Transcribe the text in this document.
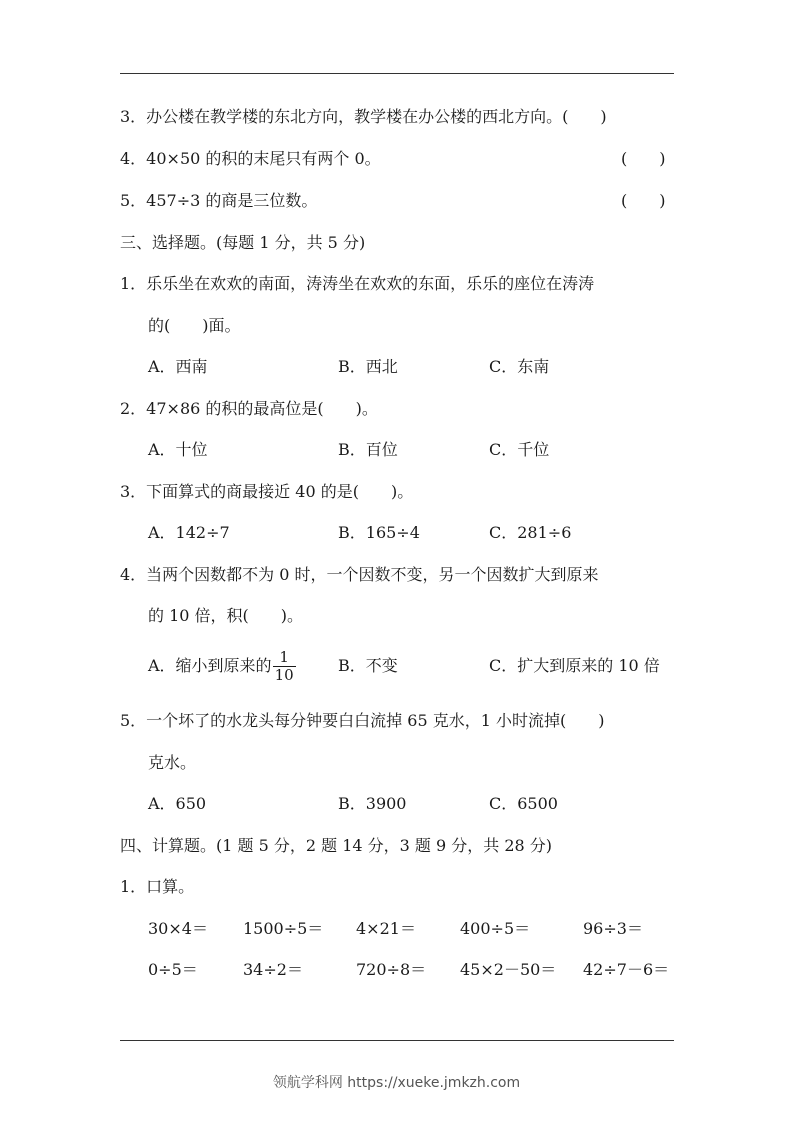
3．办公楼在教学楼的东北方向，教学楼在办公楼的西北方向。(　　)
4．40×50 的积的末尾只有两个 0。	(　　)
5．457÷3 的商是三位数。	(　　)
三、选择题。(每题 1 分，共 5 分)
1．乐乐坐在欢欢的南面，涛涛坐在欢欢的东面，乐乐的座位在涛涛
的(　　)面。
A．西南	B．西北	C．东南
2．47×86 的积的最高位是(　　)。
A．十位	B．百位	C．千位
3．下面算式的商最接近 40 的是(　　)。
A．142÷7	B．165÷4	C．281÷6
4．当两个因数都不为 0 时，一个因数不变，另一个因数扩大到原来
的 10 倍，积(　　)。
A．缩小到原来的 $\frac{1}{10}$	B．不变	C．扩大到原来的 10 倍
5．一个坏了的水龙头每分钟要白白流掉 65 克水，1 小时流掉(　　)
克水。
A．650	B．3900	C．6500
四、计算题。(1 题 5 分，2 题 14 分，3 题 9 分，共 28 分)
1．口算。
30×4＝ 1500÷5＝ 4×21＝	400÷5＝	96÷3＝
0÷5＝	34÷2＝	720÷8＝ 45×2－50＝ 42÷7－6＝
领航学科网 https://xueke.jmkzh.com
